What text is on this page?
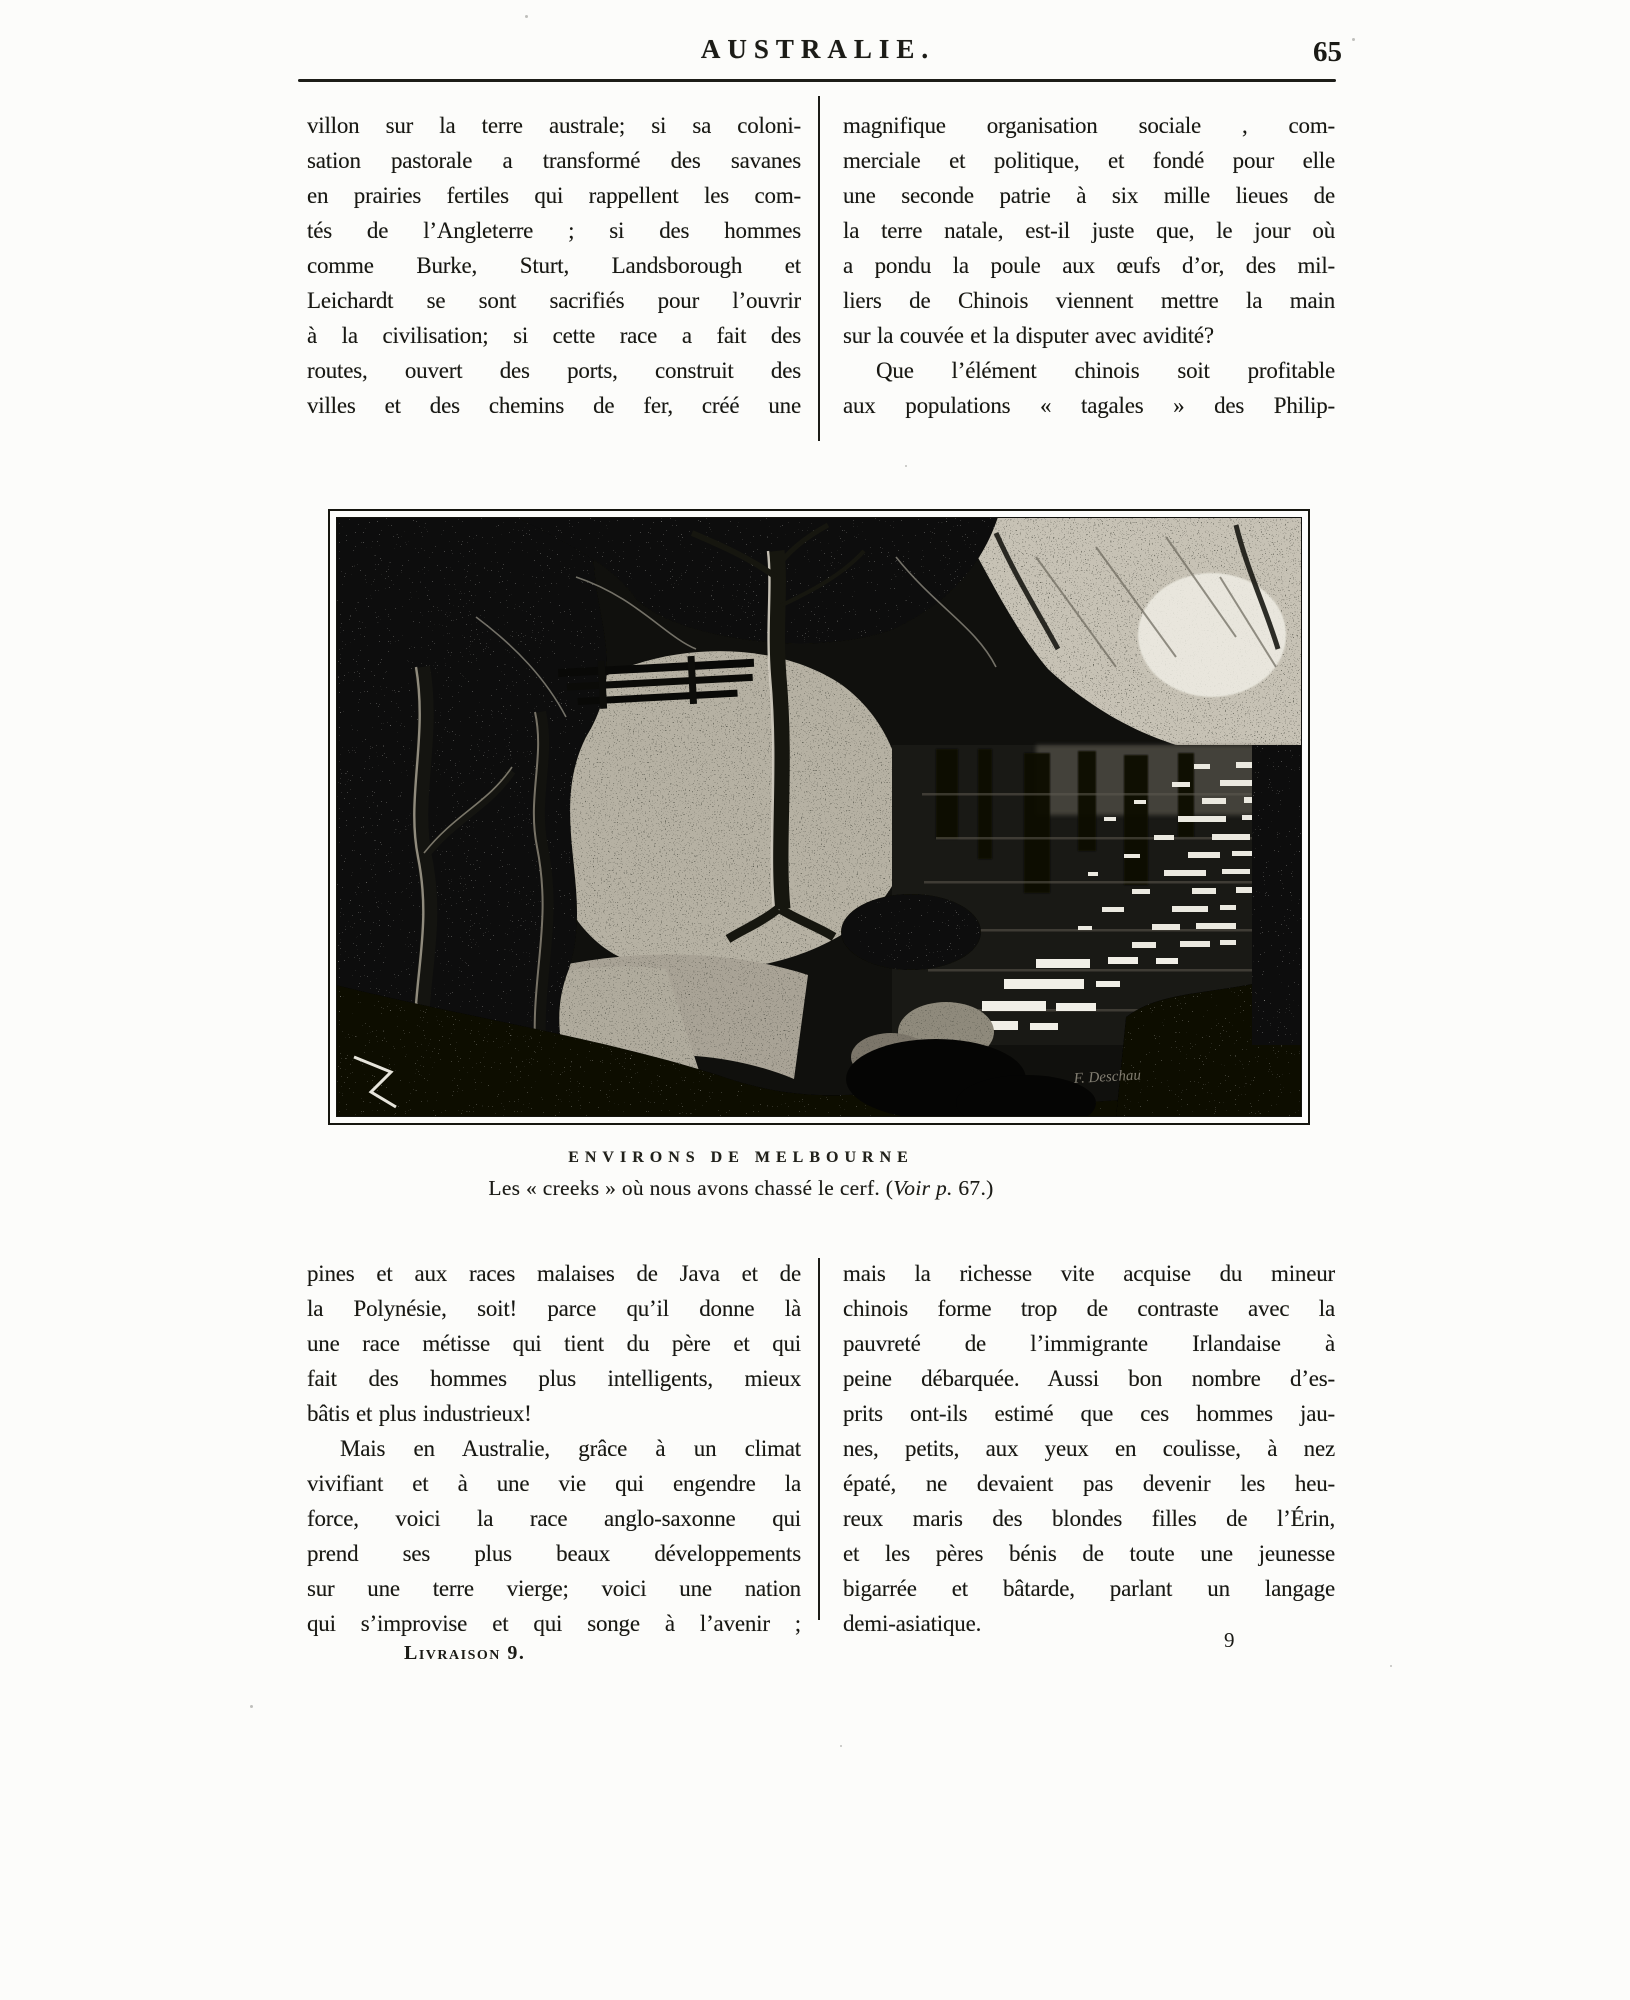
AUSTRALIE.	65
villon sur la terre australe; si sa coloni-
sation pastorale a transformé des savanes
en prairies fertiles qui rappellent les com-
tés de l’Angleterre ; si des hommes
comme Burke, Sturt, Landsborough et
Leichardt se sont sacrifiés pour l’ouvrir
à la civilisation; si cette race a fait des
routes, ouvert des ports, construit des
villes et des chemins de fer, créé une
magnifique organisation sociale , com-
merciale et politique, et fondé pour elle
une seconde patrie à six mille lieues de
la terre natale, est-il juste que, le jour où
a pondu la poule aux œufs d’or, des mil-
liers de Chinois viennent mettre la main
sur la couvée et la disputer avec avidité?
Que l’élément chinois soit profitable
aux populations « tagales » des Philip-
F. Deschau
ENVIRONS DE MELBOURNE
Les « creeks » où nous avons chassé le cerf. (Voir p. 67.)
pines et aux races malaises de Java et de
la Polynésie, soit! parce qu’il donne là
une race métisse qui tient du père et qui
fait des hommes plus intelligents, mieux
bâtis et plus industrieux!
Mais en Australie, grâce à un climat
vivifiant et à une vie qui engendre la
force, voici la race anglo-saxonne qui
prend ses plus beaux développements
sur une terre vierge; voici une nation
qui s’improvise et qui songe à l’avenir ;
mais la richesse vite acquise du mineur
chinois forme trop de contraste avec la
pauvreté de l’immigrante Irlandaise à
peine débarquée. Aussi bon nombre d’es-
prits ont-ils estimé que ces hommes jau-
nes, petits, aux yeux en coulisse, à nez
épaté, ne devaient pas devenir les heu-
reux maris des blondes filles de l’Érin,
et les pères bénis de toute une jeunesse
bigarrée et bâtarde, parlant un langage
demi-asiatique.
Livraison 9.
9
